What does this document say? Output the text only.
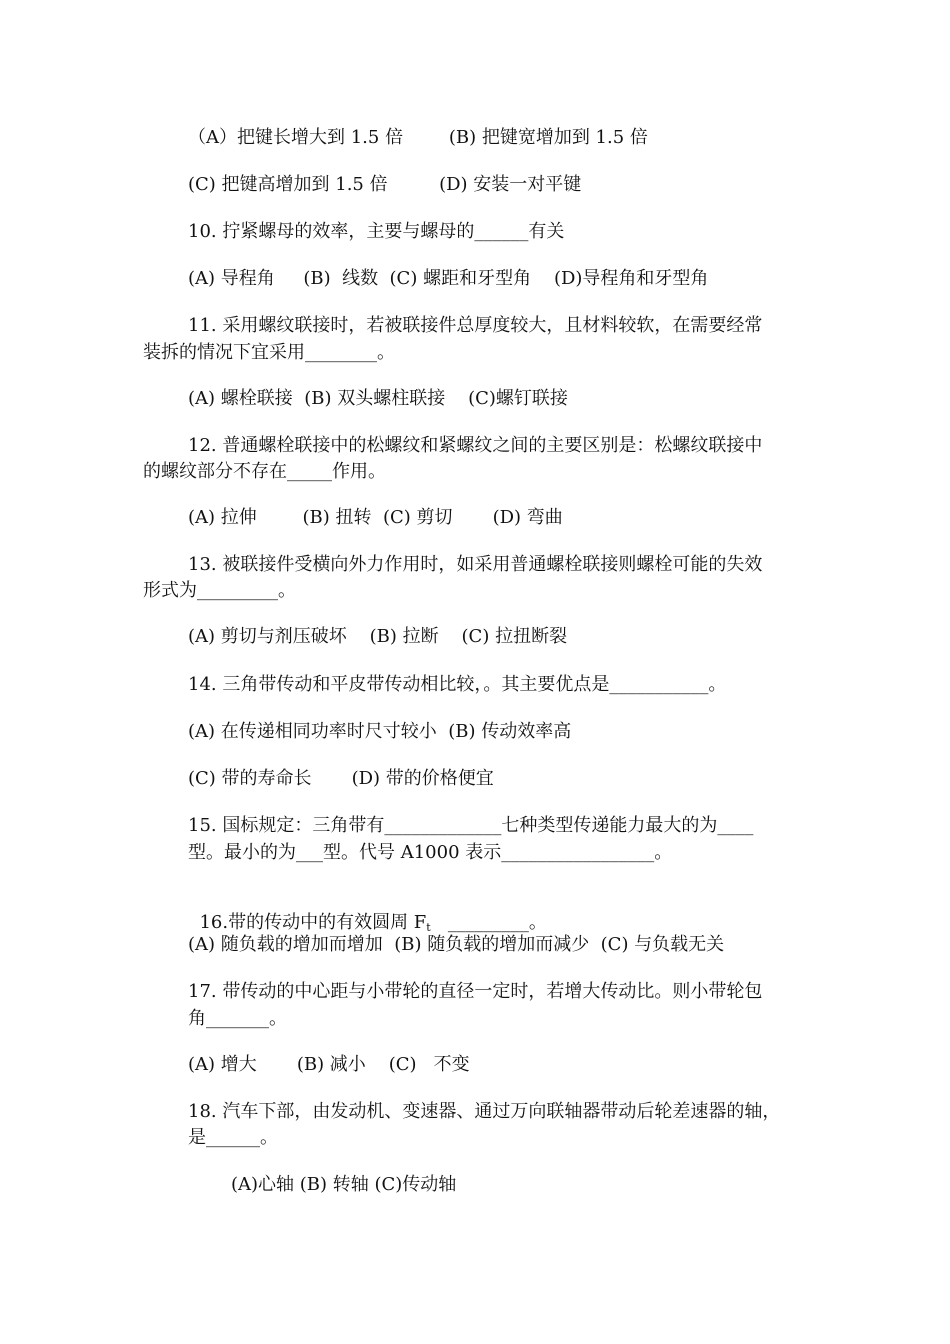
（A）把键长增大到 1.5 倍        (B) 把键宽增加到 1.5 倍
(C) 把键高增加到 1.5 倍         (D) 安装一对平键
10. 拧紧螺母的效率，主要与螺母的______有关
(A) 导程角     (B)  线数  (C) 螺距和牙型角    (D)导程角和牙型角
11. 采用螺纹联接时，若被联接件总厚度较大，且材料较软，在需要经常
装拆的情况下宜采用________。
(A) 螺栓联接  (B) 双头螺柱联接    (C)螺钉联接
12. 普通螺栓联接中的松螺纹和紧螺纹之间的主要区别是：松螺纹联接中
的螺纹部分不存在_____作用。
(A) 拉伸        (B) 扭转  (C) 剪切       (D) 弯曲
13. 被联接件受横向外力作用时，如采用普通螺栓联接则螺栓可能的失效
形式为_________。
(A) 剪切与剂压破坏    (B) 拉断    (C) 拉扭断裂
14. 三角带传动和平皮带传动相比较，。其主要优点是___________。
(A) 在传递相同功率时尺寸较小  (B) 传动效率高
(C) 带的寿命长       (D) 带的价格便宜
15. 国标规定：三角带有_____________七种类型传递能力最大的为____
型。最小的为___型。代号 A1000 表示_________________。

16.带的传动中的有效圆周 $F_t$ _________。

(A) 随负载的增加而增加  (B) 随负载的增加而减少  (C) 与负载无关
17. 带传动的中心距与小带轮的直径一定时，若增大传动比。则小带轮包
角_______。
(A) 增大       (B) 减小    (C)   不变
18. 汽车下部，由发动机、变速器、通过万向联轴器带动后轮差速器的轴，
是______。
(A)心轴 (B) 转轴 (C)传动轴
